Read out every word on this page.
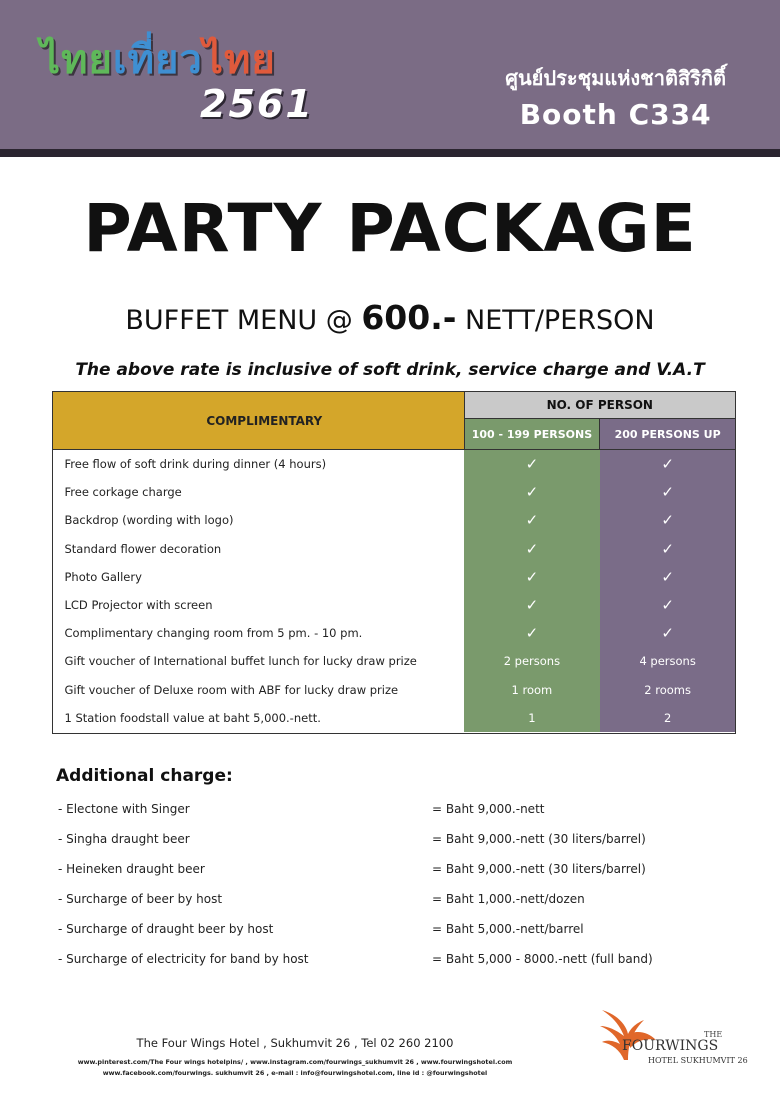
ไทยเที่ยวไทย
2561
ศูนย์ประชุมแห่งชาติสิริกิติ์
Booth C334
PARTY PACKAGE
BUFFET MENU @ 600.- NETT/PERSON
The above rate is inclusive of soft drink, service charge and V.A.T
COMPLIMENTARY	NO. OF PERSON	
	100 - 199 PERSONS	200 PERSONS UP
Free flow of soft drink during dinner (4 hours)	✓	✓
Free corkage charge	✓	✓
Backdrop (wording with logo)	✓	✓
Standard flower decoration	✓	✓
Photo Gallery	✓	✓
LCD Projector with screen	✓	✓
Complimentary changing room from 5 pm. - 10 pm.	✓	✓
Gift voucher of International buffet lunch for lucky draw prize	2 persons	4 persons
Gift voucher of Deluxe room with ABF for lucky draw prize	1 room	2 rooms
1 Station foodstall value at baht 5,000.-nett.	1	2
Additional charge:
- Electone with Singer	= Baht 9,000.-nett
- Singha draught beer	= Baht 9,000.-nett (30 liters/barrel)
- Heineken draught beer	= Baht 9,000.-nett (30 liters/barrel)
- Surcharge of beer by host	= Baht 1,000.-nett/dozen
- Surcharge of draught beer by host	= Baht 5,000.-nett/barrel
- Surcharge of electricity for band by host	= Baht 5,000 - 8000.-nett (full band)
The Four Wings Hotel , Sukhumvit 26 , Tel 02 260 2100
www.pinterest.com/The Four wings hotelpins/ , www.instagram.com/fourwings_sukhumvit 26 , www.fourwingshotel.com
www.facebook.com/fourwings. sukhumvit 26 , e-mail : info@fourwingshotel.com, line id : @fourwingshotel
THE
FOURWINGS
HOTEL SUKHUMVIT 26
